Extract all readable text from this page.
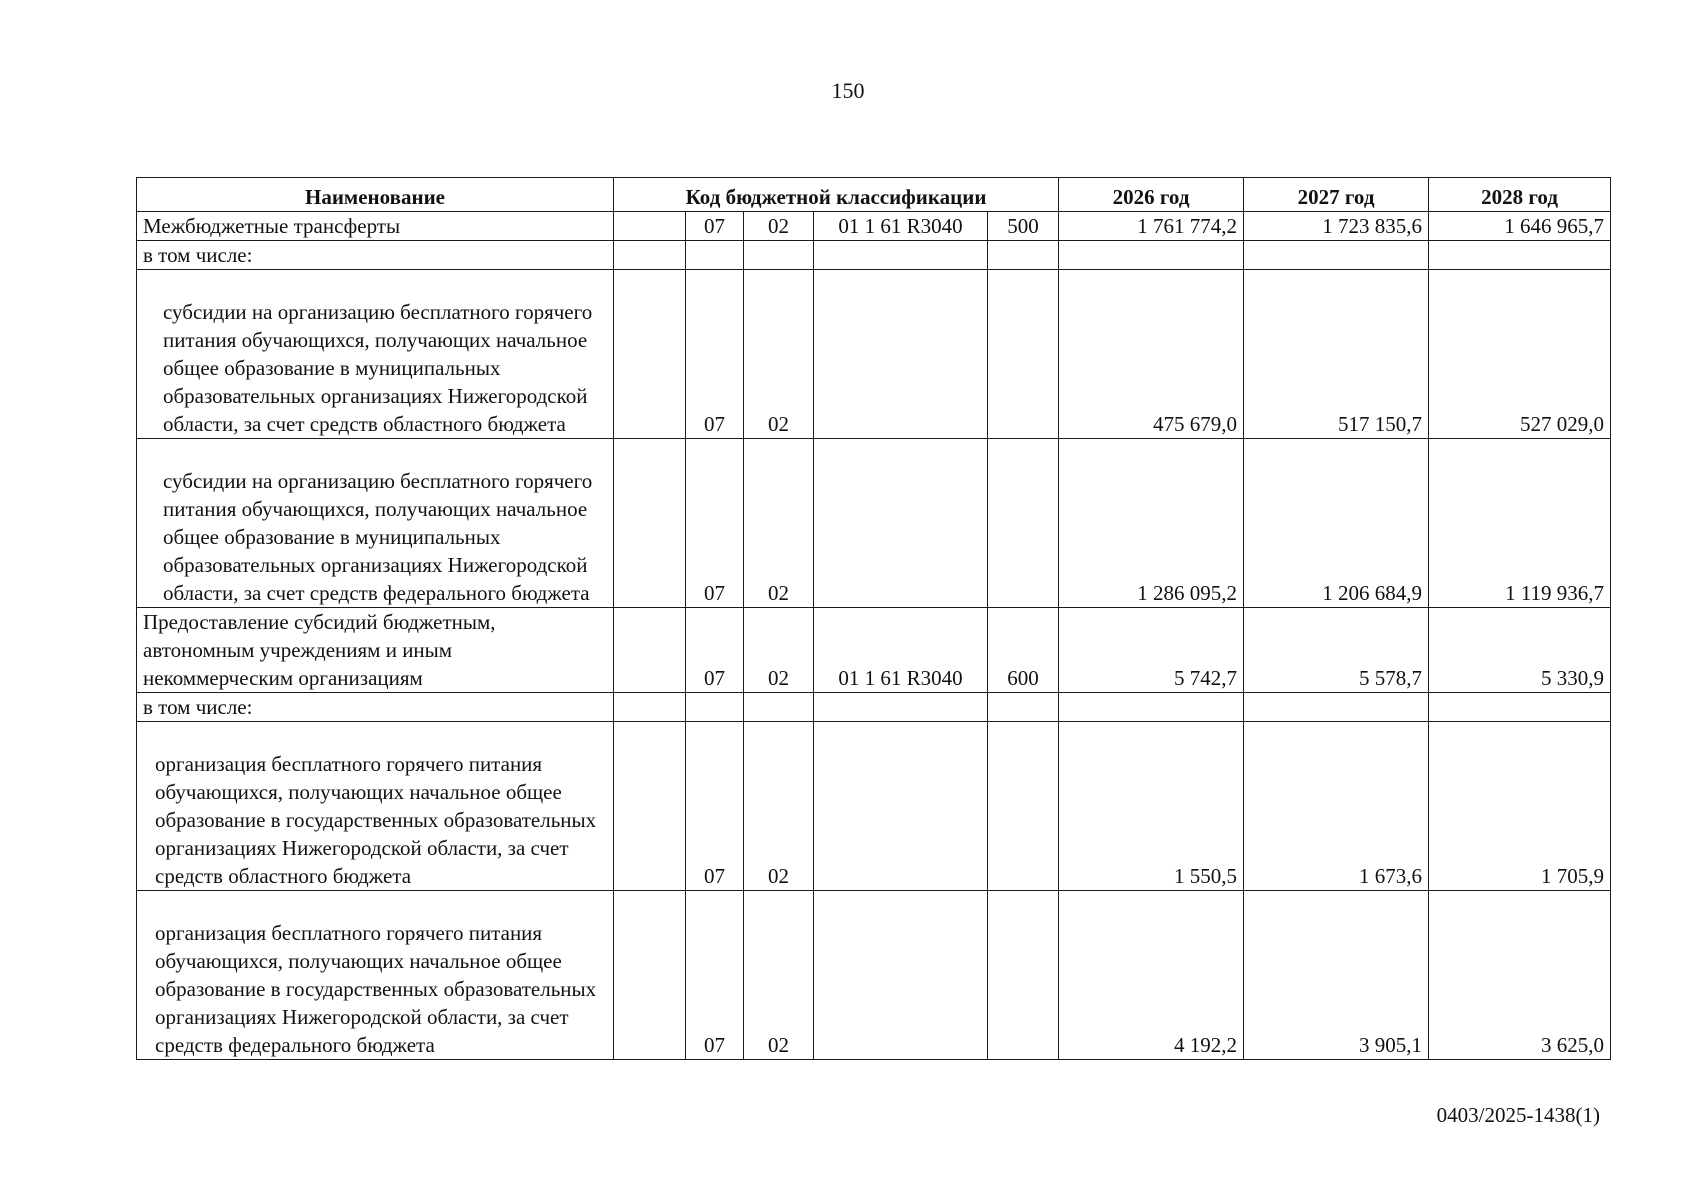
150
Наименование	Код бюджетной классификации					2026 год	2027 год	2028 год
Межбюджетные трансферты		07	02	01 1 61 R3040	500	1 761 774,2	1 723 835,6	1 646 965,7
в том числе:								
субсидии на организацию бесплатного горячего питания обучающихся, получающих начальное общее образование в муниципальных образовательных организациях Нижегородской области, за счет средств областного бюджета		07	02			475 679,0	517 150,7	527 029,0
субсидии на организацию бесплатного горячего питания обучающихся, получающих начальное общее образование в муниципальных образовательных организациях Нижегородской области, за счет средств федерального бюджета		07	02			1 286 095,2	1 206 684,9	1 119 936,7
Предоставление субсидий бюджетным, автономным учреждениям и иным некоммерческим организациям		07	02	01 1 61 R3040	600	5 742,7	5 578,7	5 330,9
в том числе:								
организация бесплатного горячего питания обучающихся, получающих начальное общее образование в государственных образовательных организациях Нижегородской области, за счет средств областного бюджета		07	02			1 550,5	1 673,6	1 705,9
организация бесплатного горячего питания обучающихся, получающих начальное общее образование в государственных образовательных организациях Нижегородской области, за счет средств федерального бюджета		07	02			4 192,2	3 905,1	3 625,0
0403/2025-1438(1)
